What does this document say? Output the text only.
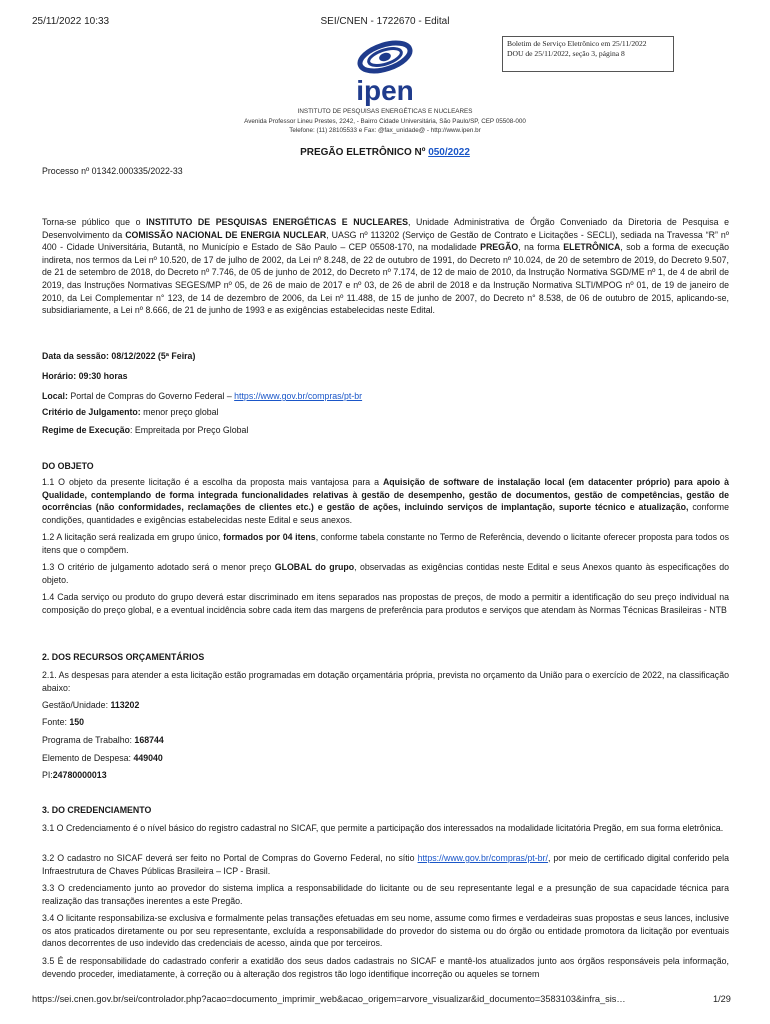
25/11/2022 10:33	SEI/CNEN - 1722670 - Edital
Boletim de Serviço Eletrônico em 25/11/2022
DOU de 25/11/2022, seção 3, página 8
ipen
INSTITUTO DE PESQUISAS ENERGÉTICAS E NUCLEARES
Avenida Professor Lineu Prestes, 2242, - Bairro Cidade Universitária, São Paulo/SP, CEP 05508-000
Telefone: (11) 28105533 e Fax: @fax_unidade@ - http://www.ipen.br
PREGÃO ELETRÔNICO Nº 050/2022
Processo nº 01342.000335/2022-33
Torna-se público que o INSTITUTO DE PESQUISAS ENERGÉTICAS E NUCLEARES, Unidade Administrativa de Órgão Conveniado da Diretoria de Pesquisa e Desenvolvimento da COMISSÃO NACIONAL DE ENERGIA NUCLEAR, UASG nº 113202 (Serviço de Gestão de Contrato e Licitações - SECLI), sediada na Travessa “R” nº 400 - Cidade Universitária, Butantã, no Município e Estado de São Paulo – CEP 05508-170, na modalidade PREGÃO, na forma ELETRÔNICA, sob a forma de execução indireta, nos termos da Lei nº 10.520, de 17 de julho de 2002, da Lei nº 8.248, de 22 de outubro de 1991, do Decreto nº 10.024, de 20 de setembro de 2019, do Decreto 9.507, de 21 de setembro de 2018, do Decreto nº 7.746, de 05 de junho de 2012, do Decreto nº 7.174, de 12 de maio de 2010, da Instrução Normativa SGD/ME nº 1, de 4 de abril de 2019, das Instruções Normativas SEGES/MP nº 05, de 26 de maio de 2017 e nº 03, de 26 de abril de 2018 e da Instrução Normativa SLTI/MPOG nº 01, de 19 de janeiro de 2010, da Lei Complementar n° 123, de 14 de dezembro de 2006, da Lei nº 11.488, de 15 de junho de 2007, do Decreto n° 8.538, de 06 de outubro de 2015, aplicando-se, subsidiariamente, a Lei nº 8.666, de 21 de junho de 1993 e as exigências estabelecidas neste Edital.
Data da sessão: 08/12/2022 (5ª Feira)
Horário: 09:30 horas
Local: Portal de Compras do Governo Federal – https://www.gov.br/compras/pt-br
Critério de Julgamento: menor preço global
Regime de Execução: Empreitada por Preço Global
DO OBJETO
1.1 O objeto da presente licitação é a escolha da proposta mais vantajosa para a Aquisição de software de instalação local (em datacenter próprio) para apoio à Qualidade, contemplando de forma integrada funcionalidades relativas à gestão de desempenho, gestão de documentos, gestão de competências, gestão de ocorrências (não conformidades, reclamações de clientes etc.) e gestão de ações, incluindo serviços de implantação, suporte técnico e atualização, conforme condições, quantidades e exigências estabelecidas neste Edital e seus anexos.
1.2 A licitação será realizada em grupo único, formados por 04 itens, conforme tabela constante no Termo de Referência, devendo o licitante oferecer proposta para todos os itens que o compõem.
1.3 O critério de julgamento adotado será o menor preço GLOBAL do grupo, observadas as exigências contidas neste Edital e seus Anexos quanto às especificações do objeto.
1.4 Cada serviço ou produto do grupo deverá estar discriminado em itens separados nas propostas de preços, de modo a permitir a identificação do seu preço individual na composição do preço global, e a eventual incidência sobre cada item das margens de preferência para produtos e serviços que atendam às Normas Técnicas Brasileiras - NTB
2. DOS RECURSOS ORÇAMENTÁRIOS
2.1. As despesas para atender a esta licitação estão programadas em dotação orçamentária própria, prevista no orçamento da União para o exercício de 2022, na classificação abaixo:
Gestão/Unidade: 113202
Fonte: 150
Programa de Trabalho: 168744
Elemento de Despesa: 449040
PI:24780000013
3. DO CREDENCIAMENTO
3.1 O Credenciamento é o nível básico do registro cadastral no SICAF, que permite a participação dos interessados na modalidade licitatória Pregão, em sua forma eletrônica.
3.2 O cadastro no SICAF deverá ser feito no Portal de Compras do Governo Federal, no sítio https://www.gov.br/compras/pt-br/, por meio de certificado digital conferido pela Infraestrutura de Chaves Públicas Brasileira – ICP - Brasil.
3.3 O credenciamento junto ao provedor do sistema implica a responsabilidade do licitante ou de seu representante legal e a presunção de sua capacidade técnica para realização das transações inerentes a este Pregão.
3.4 O licitante responsabiliza-se exclusiva e formalmente pelas transações efetuadas em seu nome, assume como firmes e verdadeiras suas propostas e seus lances, inclusive os atos praticados diretamente ou por seu representante, excluída a responsabilidade do provedor do sistema ou do órgão ou entidade promotora da licitação por eventuais danos decorrentes de uso indevido das credenciais de acesso, ainda que por terceiros.
3.5 É de responsabilidade do cadastrado conferir a exatidão dos seus dados cadastrais no SICAF e mantê-los atualizados junto aos órgãos responsáveis pela informação, devendo proceder, imediatamente, à correção ou à alteração dos registros tão logo identifique incorreção ou aqueles se tornem
https://sei.cnen.gov.br/sei/controlador.php?acao=documento_imprimir_web&acao_origem=arvore_visualizar&id_documento=3583103&infra_sis…	1/29
